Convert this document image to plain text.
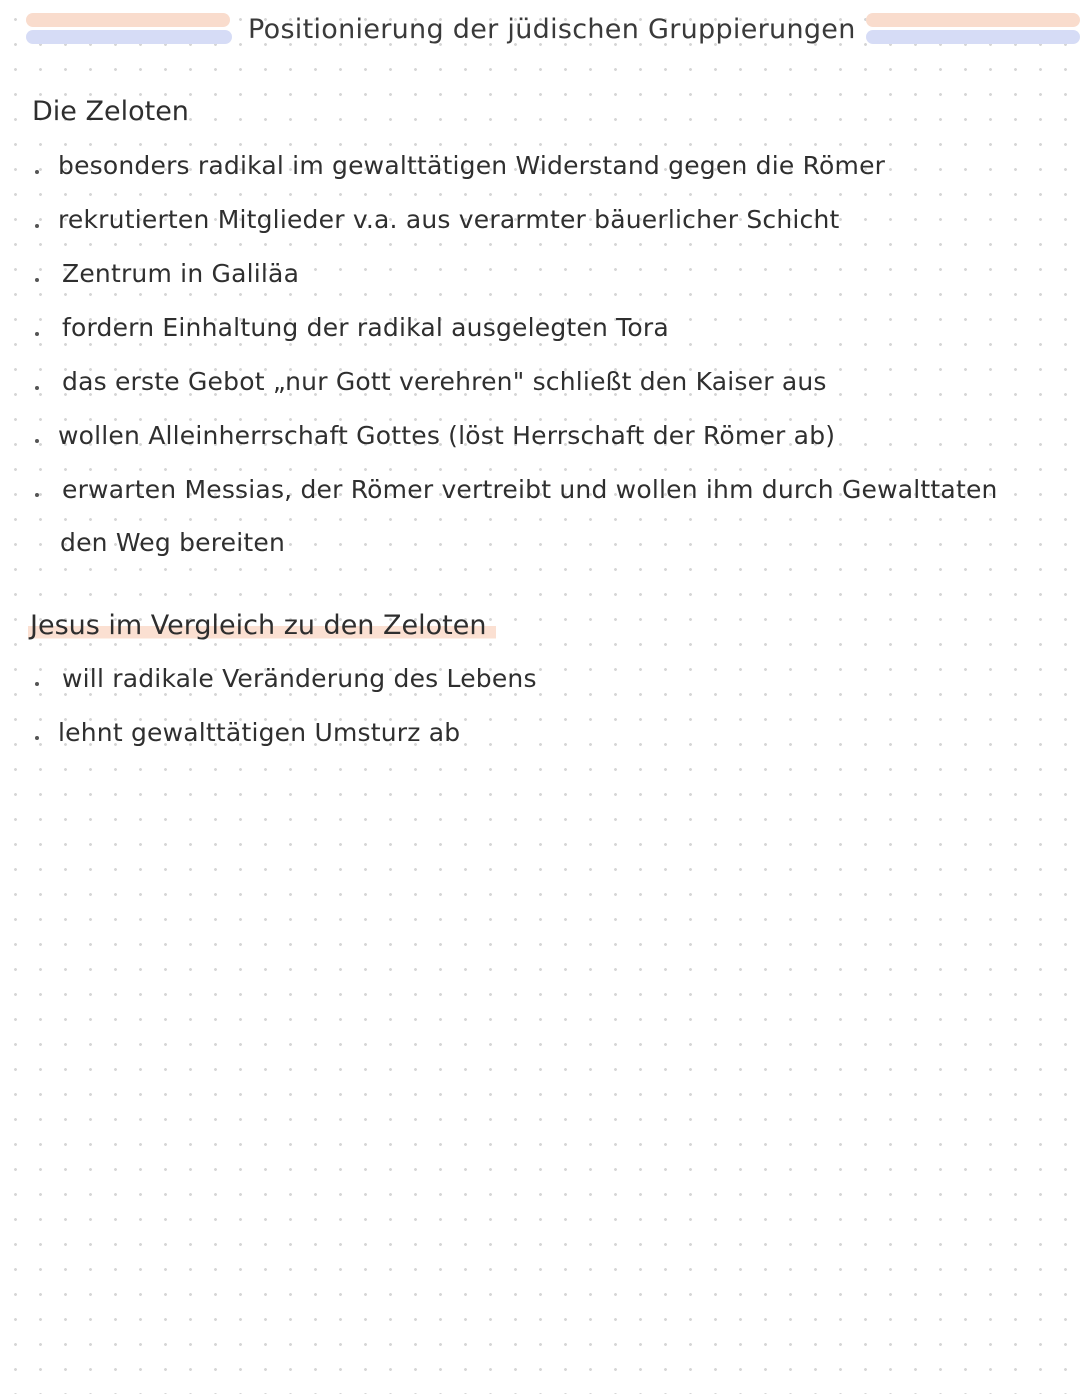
Positionierung der jüdischen Gruppierungen
Die Zeloten
besonders radikal im gewalttätigen Widerstand gegen die Römer
rekrutierten Mitglieder v.a. aus verarmter bäuerlicher Schicht
Zentrum in Galiläa
fordern Einhaltung der radikal ausgelegten Tora
das erste Gebot „nur Gott verehren" schließt den Kaiser aus
wollen Alleinherrschaft Gottes (löst Herrschaft der Römer ab)
erwarten Messias, der Römer vertreibt und wollen ihm durch Gewalttaten
den Weg bereiten
Jesus im Vergleich zu den Zeloten
will radikale Veränderung des Lebens
lehnt gewalttätigen Umsturz ab
